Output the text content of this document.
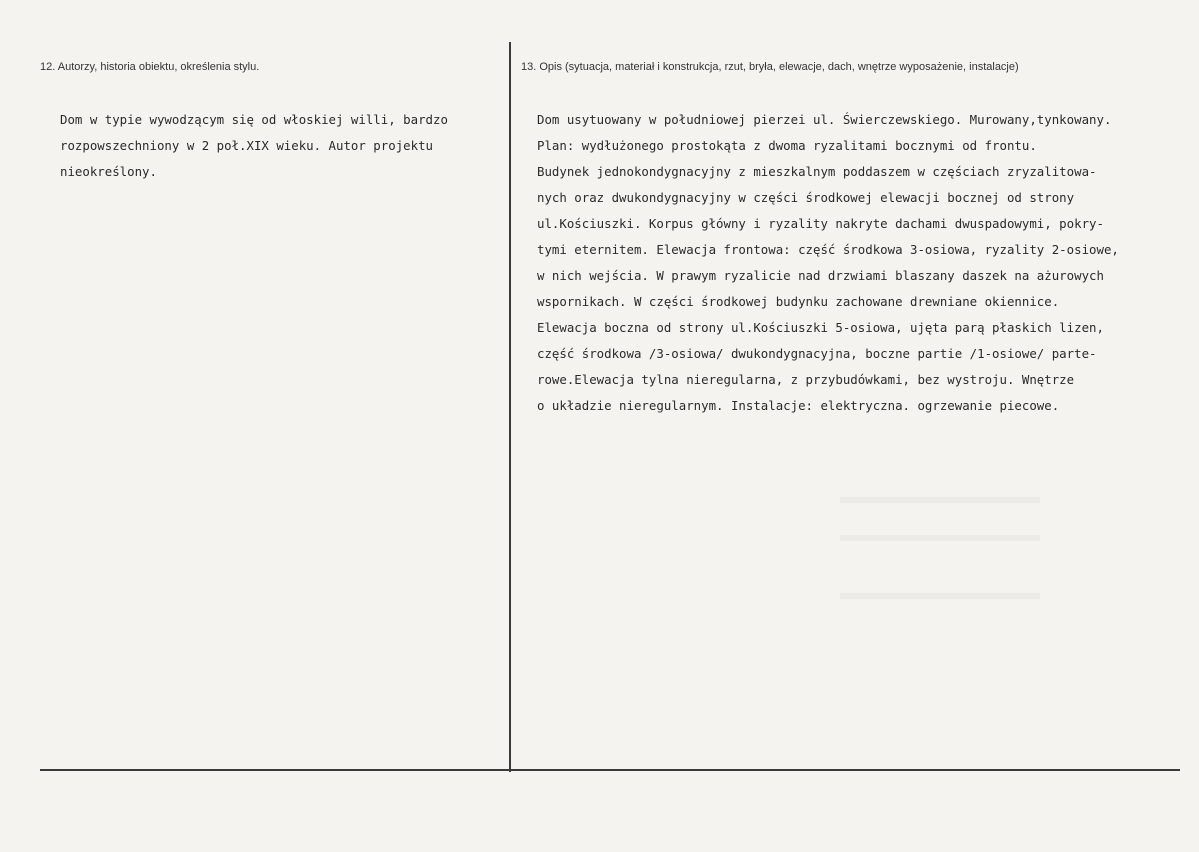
12. Autorzy, historia obiektu, określenia stylu.	13. Opis (sytuacja, materiał i konstrukcja, rzut, bryła, elewacje, dach, wnętrze wyposażenie, instalacje)
Dom w typie wywodzącym się od włoskiej willi, bardzo
rozpowszechniony w 2 poł.XIX wieku. Autor projektu
nieokreślony.
Dom usytuowany w południowej pierzei ul. Świerczewskiego. Murowany,tynkowany.
Plan: wydłużonego prostokąta z dwoma ryzalitami bocznymi od frontu.
Budynek jednokondygnacyjny z mieszkalnym poddaszem w częściach zryzalitowa-
nych oraz dwukondygnacyjny w części środkowej elewacji bocznej od strony
ul.Kościuszki. Korpus główny i ryzality nakryte dachami dwuspadowymi, pokry-
tymi eternitem. Elewacja frontowa: część środkowa 3-osiowa, ryzality 2-osiowe,
w nich wejścia. W prawym ryzalicie nad drzwiami blaszany daszek na ażurowych
wspornikach. W części środkowej budynku zachowane drewniane okiennice.
Elewacja boczna od strony ul.Kościuszki 5-osiowa, ujęta parą płaskich lizen,
część środkowa /3-osiowa/ dwukondygnacyjna, boczne partie /1-osiowe/ parte-
rowe.Elewacja tylna nieregularna, z przybudówkami, bez wystroju. Wnętrze
o układzie nieregularnym. Instalacje: elektryczna. ogrzewanie piecowe.
